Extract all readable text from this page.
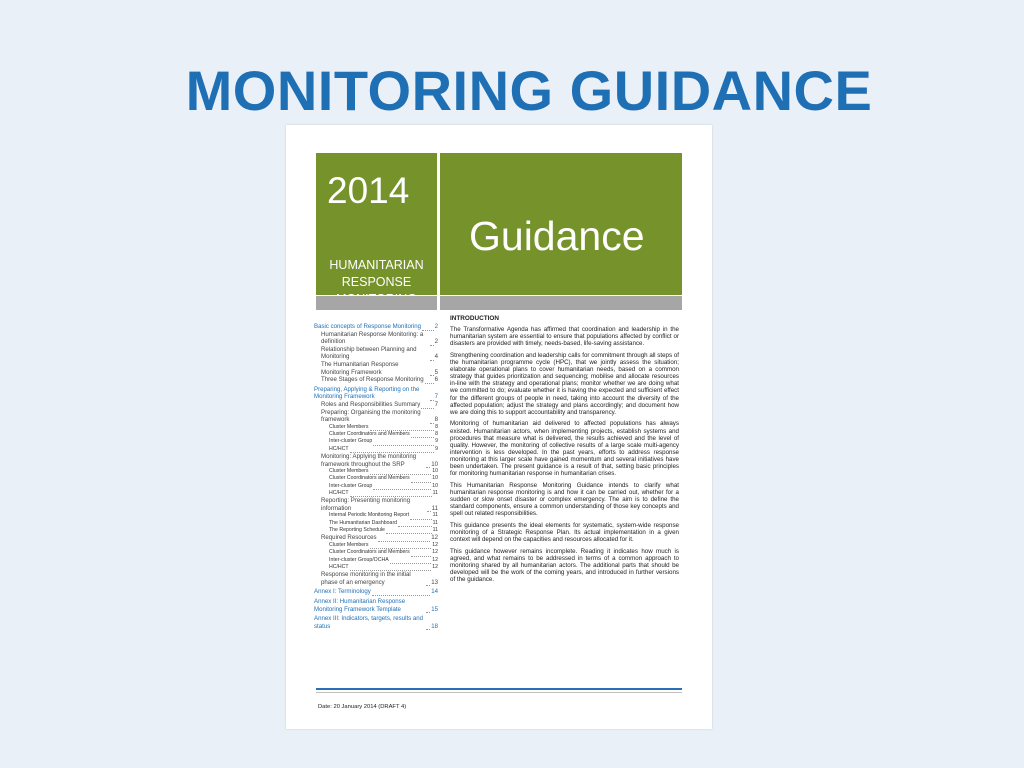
MONITORING GUIDANCE
2014
HUMANITARIAN
RESPONSE
Guidance
Basic concepts of Response Monitoring 2
Humanitarian Response Monitoring: a definition	2
Relationship between Planning and Monitoring	4
The Humanitarian Response Monitoring Framework	5
Three Stages of Response Monitoring 6
Preparing, Applying & Reporting on the Monitoring Framework	7
Roles and Responsibilities Summary 7
Preparing: Organising the monitoring framework	8
Cluster Members	8
Cluster Coordinators and Members	8
Inter-cluster Group	9
HC/HCT	9
Monitoring: Applying the monitoring framework throughout the SRP	10
Cluster Members	10
Cluster Coordinators and Members	10
Inter-cluster Group	10
HC/HCT	11
Reporting: Presenting monitoring information	11
Internal Periodic Monitoring Report	11
The Humanitarian Dashboard	11
The Reporting Schedule	11
Required Resources	12
Cluster Members	12
Cluster Coordinators and Members	12
Inter-cluster Group/OCHA	12
HC/HCT	12
Response monitoring in the initial phase of an emergency	13
Annex I: Terminology	14
Annex II: Humanitarian Response Monitoring Framework Template	15
Annex III: Indicators, targets, results and status	18
INTRODUCTION

The Transformative Agenda has affirmed that coordination and leadership in the humanitarian system are essential to ensure that populations affected by conflict or disasters are provided with timely, needs-based, life-saving assistance.

Strengthening coordination and leadership calls for commitment through all steps of the humanitarian programme cycle (HPC), that we jointly assess the situation; elaborate operational plans to cover humanitarian needs, based on a common strategy that guides prioritization and sequencing; mobilise and allocate resources in-line with the strategy and operational plans; monitor whether we are doing what we committed to do; evaluate whether it is having the expected and sufficient effect for the different groups of people in need, taking into account the diversity of the affected population; adjust the strategy and plans accordingly; and document how we are doing this to support accountability and transparency.

Monitoring of humanitarian aid delivered to affected populations has always existed. Humanitarian actors, when implementing projects, establish systems and procedures that measure what is delivered, the results achieved and the level of quality. However, the monitoring of collective results of a large scale multi-agency intervention is less developed. In the past years, efforts to address response monitoring at this larger scale have gained momentum and several initiatives have been undertaken. The present guidance is a result of that, setting basic principles for monitoring humanitarian response in humanitarian crises.

This Humanitarian Response Monitoring Guidance intends to clarify what humanitarian response monitoring is and how it can be carried out, whether for a sudden or slow onset disaster or complex emergency. The aim is to define the standard components, ensure a common understanding of those key concepts and spell out related responsibilities.

This guidance presents the ideal elements for systematic, system-wide response monitoring of a Strategic Response Plan. Its actual implementation in a given context will depend on the capacities and resources allocated for it.

This guidance however remains incomplete. Reading it indicates how much is agreed, and what remains to be addressed in terms of a common approach to monitoring shared by all humanitarian actors. The additional parts that should be developed will be the work of the coming years, and introduced in further versions of the guidance.

Date: 20 January 2014 (DRAFT 4)
